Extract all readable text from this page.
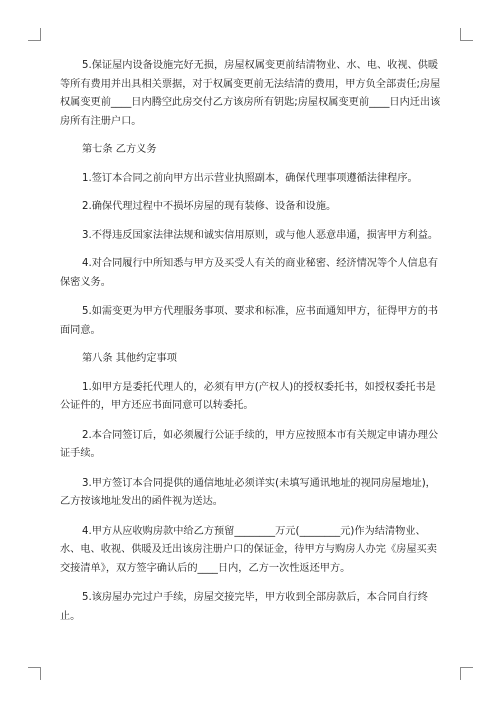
5.保证屋内设备设施完好无损，房屋权属变更前结清物业、水、电、收视、供暖等所有费用并出具相关票据，对于权属变更前无法结清的费用，甲方负全部责任;房屋权属变更前____日内腾空此房交付乙方该房所有钥匙;房屋权属变更前____日内迁出该房所有注册户口。

第七条 乙方义务

1.签订本合同之前向甲方出示营业执照副本，确保代理事项遵循法律程序。

2.确保代理过程中不损坏房屋的现有装修、设备和设施。

3.不得违反国家法律法规和诚实信用原则，或与他人恶意串通，损害甲方利益。

4.对合同履行中所知悉与甲方及买受人有关的商业秘密、经济情况等个人信息有保密义务。

5.如需变更为甲方代理服务事项、要求和标准，应书面通知甲方，征得甲方的书面同意。

第八条 其他约定事项

1.如甲方是委托代理人的，必须有甲方(产权人)的授权委托书，如授权委托书是公证件的，甲方还应书面同意可以转委托。

2.本合同签订后，如必须履行公证手续的，甲方应按照本市有关规定申请办理公证手续。

3.甲方签订本合同提供的通信地址必须详实(未填写通讯地址的视同房屋地址)，乙方按该地址发出的函件视为送达。

4.甲方从应收购房款中给乙方预留________万元(________元)作为结清物业、水、电、收视、供暖及迁出该房注册户口的保证金，待甲方与购房人办完《房屋买卖交接清单》，双方签字确认后的____日内，乙方一次性返还甲方。

5.该房屋办完过户手续，房屋交接完毕，甲方收到全部房款后，本合同自行终止。
